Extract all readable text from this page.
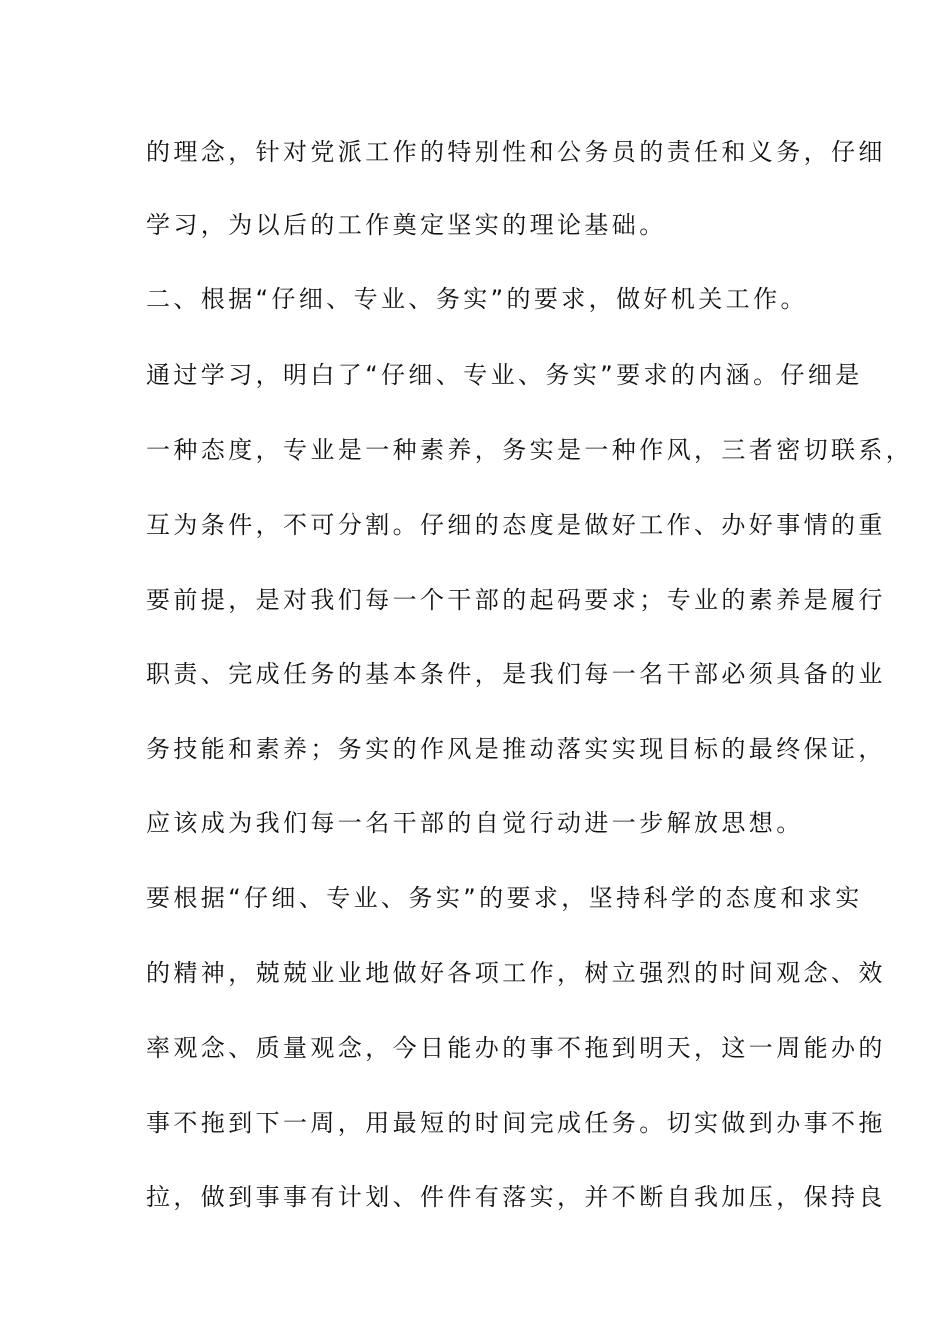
的理念，针对党派工作的特别性和公务员的责任和义务，仔细

学习，为以后的工作奠定坚实的理论基础。

二、根据“仔细、专业、务实”的要求，做好机关工作。

通过学习，明白了“仔细、专业、务实”要求的内涵。仔细是

一种态度，专业是一种素养，务实是一种作风，三者密切联系，

互为条件，不可分割。仔细的态度是做好工作、办好事情的重

要前提，是对我们每一个干部的起码要求；专业的素养是履行

职责、完成任务的基本条件，是我们每一名干部必须具备的业

务技能和素养；务实的作风是推动落实实现目标的最终保证，

应该成为我们每一名干部的自觉行动进一步解放思想。

要根据“仔细、专业、务实”的要求，坚持科学的态度和求实

的精神，兢兢业业地做好各项工作，树立强烈的时间观念、效

率观念、质量观念，今日能办的事不拖到明天，这一周能办的

事不拖到下一周，用最短的时间完成任务。切实做到办事不拖

拉，做到事事有计划、件件有落实，并不断自我加压，保持良
